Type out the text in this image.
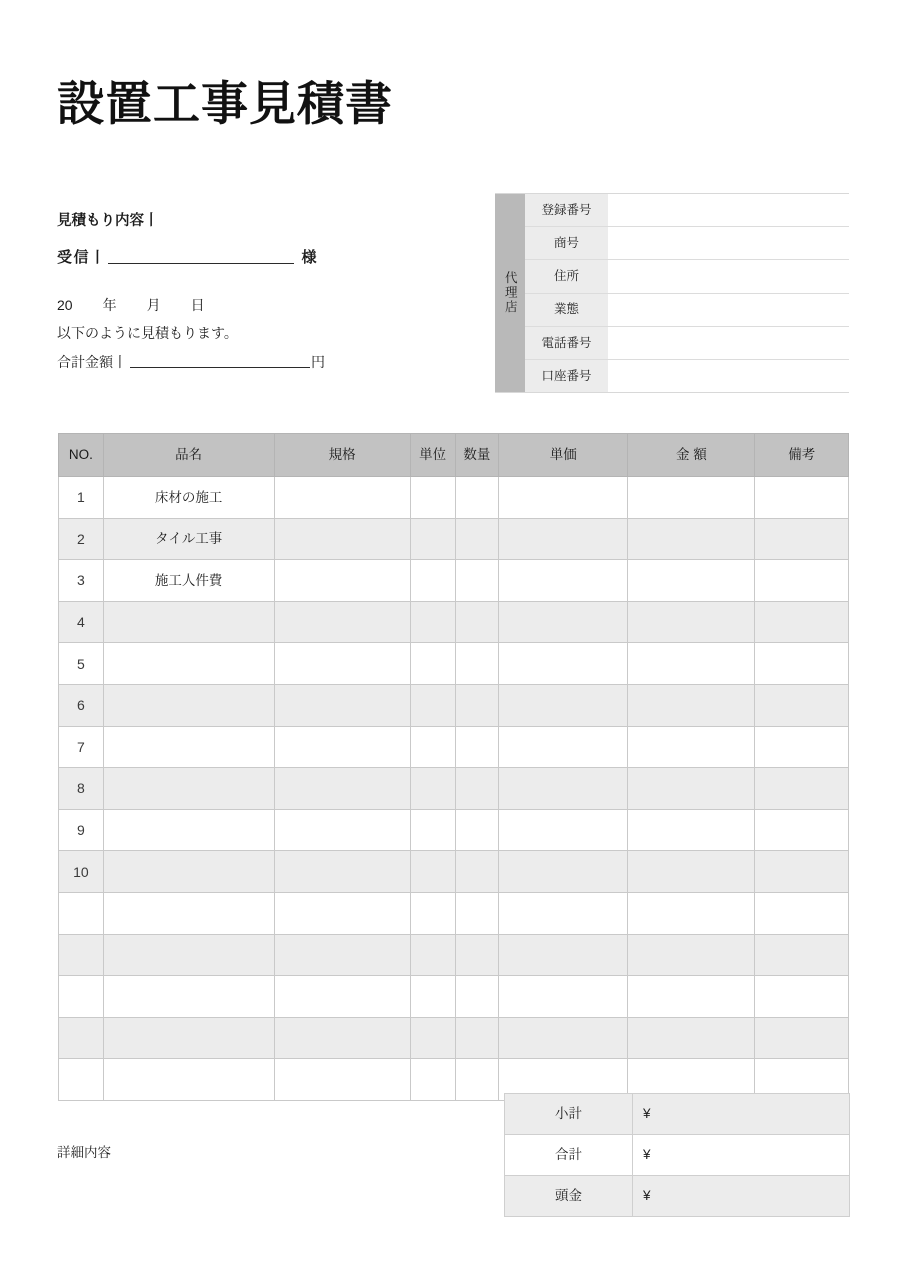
設置工事見積書
見積もり内容丨
受信丨	様
20 年 月 日
以下のように見積もります。
合計金額丨	円
代理店
登録番号
商号
住所
業態
電話番号
口座番号
NO.	品名	規格	単位	数量	単価	金 額	備考
1	床材の施工						
2	タイル工事						
3	施工人件費						
4							
5							
6							
7							
8							
9							
10							

小計	¥
合計	¥
頭金	¥
詳細内容
